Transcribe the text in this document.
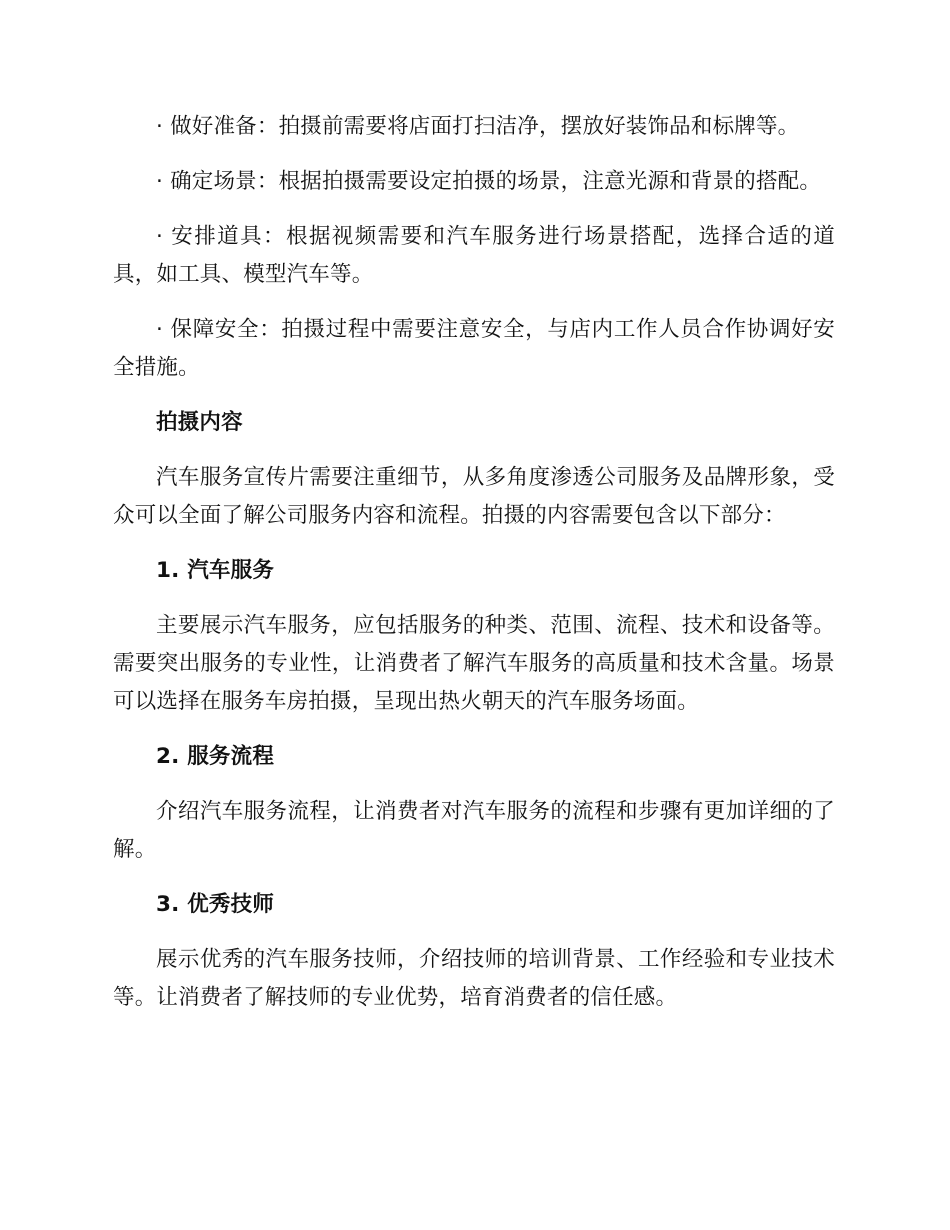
· 做好准备：拍摄前需要将店面打扫洁净，摆放好装饰品和标牌等。

· 确定场景：根据拍摄需要设定拍摄的场景，注意光源和背景的搭配。

· 安排道具：根据视频需要和汽车服务进行场景搭配，选择合适的道具，如工具、模型汽车等。

· 保障安全：拍摄过程中需要注意安全，与店内工作人员合作协调好安全措施。

拍摄内容

汽车服务宣传片需要注重细节，从多角度渗透公司服务及品牌形象，受众可以全面了解公司服务内容和流程。拍摄的内容需要包含以下部分：

1. 汽车服务

主要展示汽车服务，应包括服务的种类、范围、流程、技术和设备等。需要突出服务的专业性，让消费者了解汽车服务的高质量和技术含量。场景可以选择在服务车房拍摄，呈现出热火朝天的汽车服务场面。

2. 服务流程

介绍汽车服务流程，让消费者对汽车服务的流程和步骤有更加详细的了解。

3. 优秀技师

展示优秀的汽车服务技师，介绍技师的培训背景、工作经验和专业技术等。让消费者了解技师的专业优势，培育消费者的信任感。
